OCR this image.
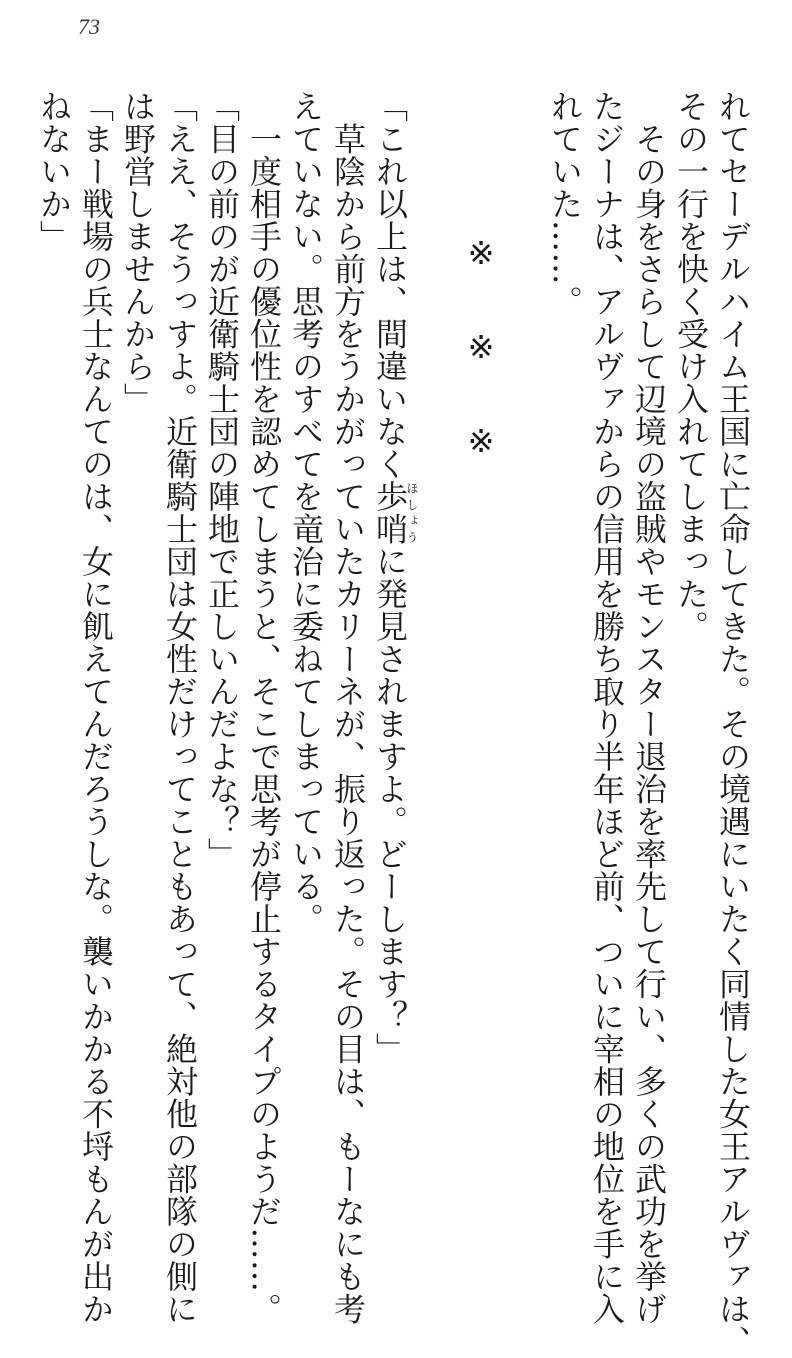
73
れてセーデルハイム王国に亡命してきた。その境遇にいたく同情した女王アルヴァは、
その一行を快く受け入れてしまった。
　その身をさらして辺境の盗賊やモンスター退治を率先して行い、多くの武功を挙げ
たジーナは、アルヴァからの信用を勝ち取り半年ほど前、ついに宰相の地位を手に入
れていた……。

※※※

「これ以上は、間違いなく歩哨ほしょうに発見されますよ。どーします？」
　草陰から前方をうかがっていたカリーネが、振り返った。その目は、もーなにも考
えていない。思考のすべてを竜治に委ねてしまっている。
　一度相手の優位性を認めてしまうと、そこで思考が停止するタイプのようだ……。
「目の前のが近衛騎士団の陣地で正しいんだよな？」
「ええ、そうっすよ。近衛騎士団は女性だけってこともあって、絶対他の部隊の側に
は野営しませんから」
「まー戦場の兵士なんてのは、女に飢えてんだろうしな。襲いかかる不埒もんが出か
ねないか」
